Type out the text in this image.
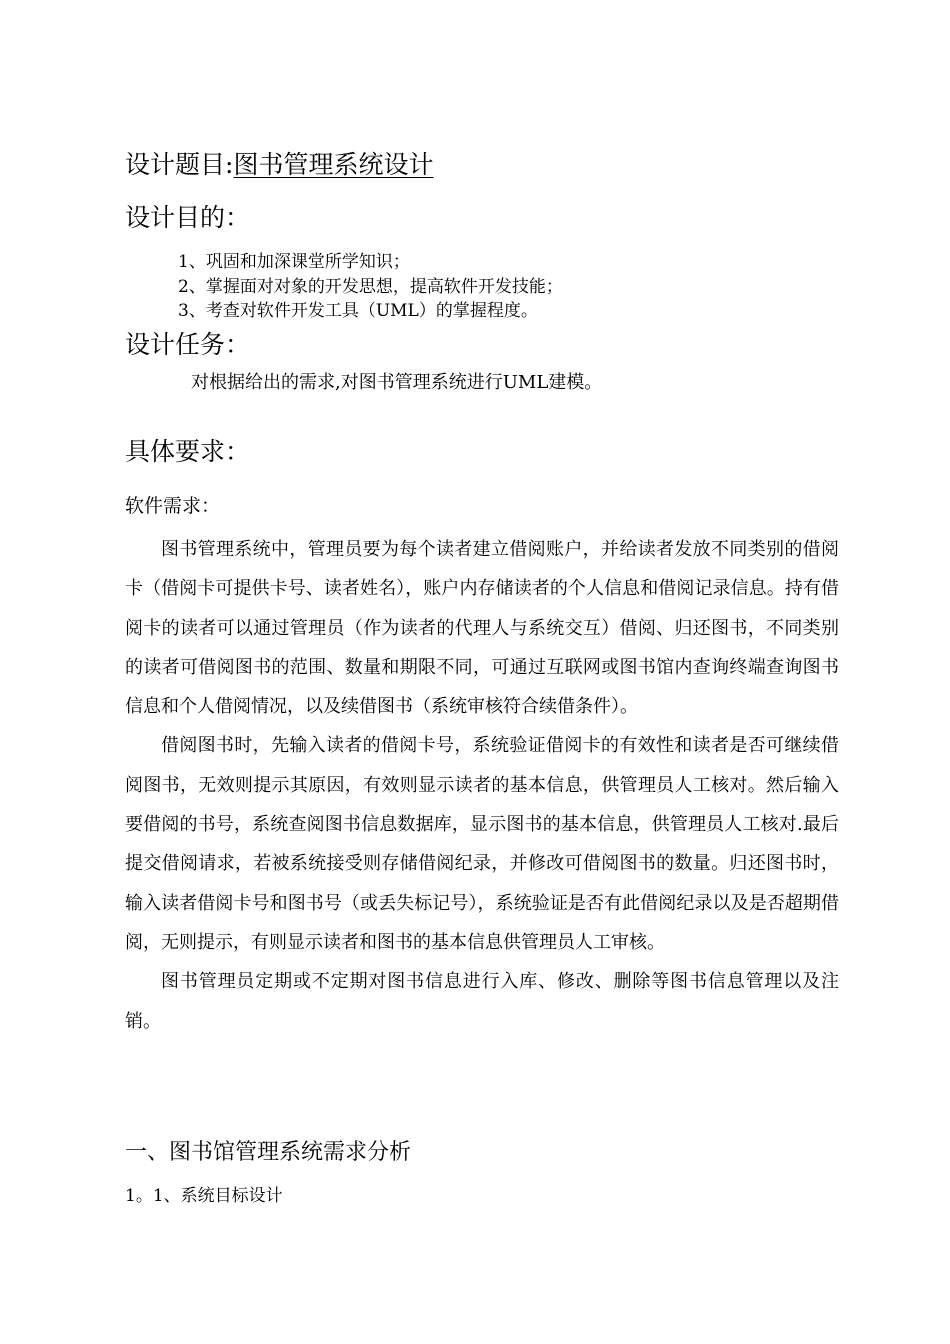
设计题目:图书管理系统设计
设计目的：
1、巩固和加深课堂所学知识；
2、掌握面对对象的开发思想，提高软件开发技能；
3、考查对软件开发工具（UML）的掌握程度。
设计任务：
对根据给出的需求,对图书管理系统进行UML建模。
具体要求：
软件需求：

图书管理系统中，管理员要为每个读者建立借阅账户，并给读者发放不同类别的借阅卡（借阅卡可提供卡号、读者姓名），账户内存储读者的个人信息和借阅记录信息。持有借阅卡的读者可以通过管理员（作为读者的代理人与系统交互）借阅、归还图书，不同类别的读者可借阅图书的范围、数量和期限不同，可通过互联网或图书馆内查询终端查询图书信息和个人借阅情况，以及续借图书（系统审核符合续借条件）。

借阅图书时，先输入读者的借阅卡号，系统验证借阅卡的有效性和读者是否可继续借阅图书，无效则提示其原因，有效则显示读者的基本信息，供管理员人工核对。然后输入要借阅的书号，系统查阅图书信息数据库，显示图书的基本信息，供管理员人工核对.最后提交借阅请求，若被系统接受则存储借阅纪录，并修改可借阅图书的数量。归还图书时，输入读者借阅卡号和图书号（或丢失标记号），系统验证是否有此借阅纪录以及是否超期借阅，无则提示，有则显示读者和图书的基本信息供管理员人工审核。

图书管理员定期或不定期对图书信息进行入库、修改、删除等图书信息管理以及注销。

一、图书馆管理系统需求分析
1。1、系统目标设计
